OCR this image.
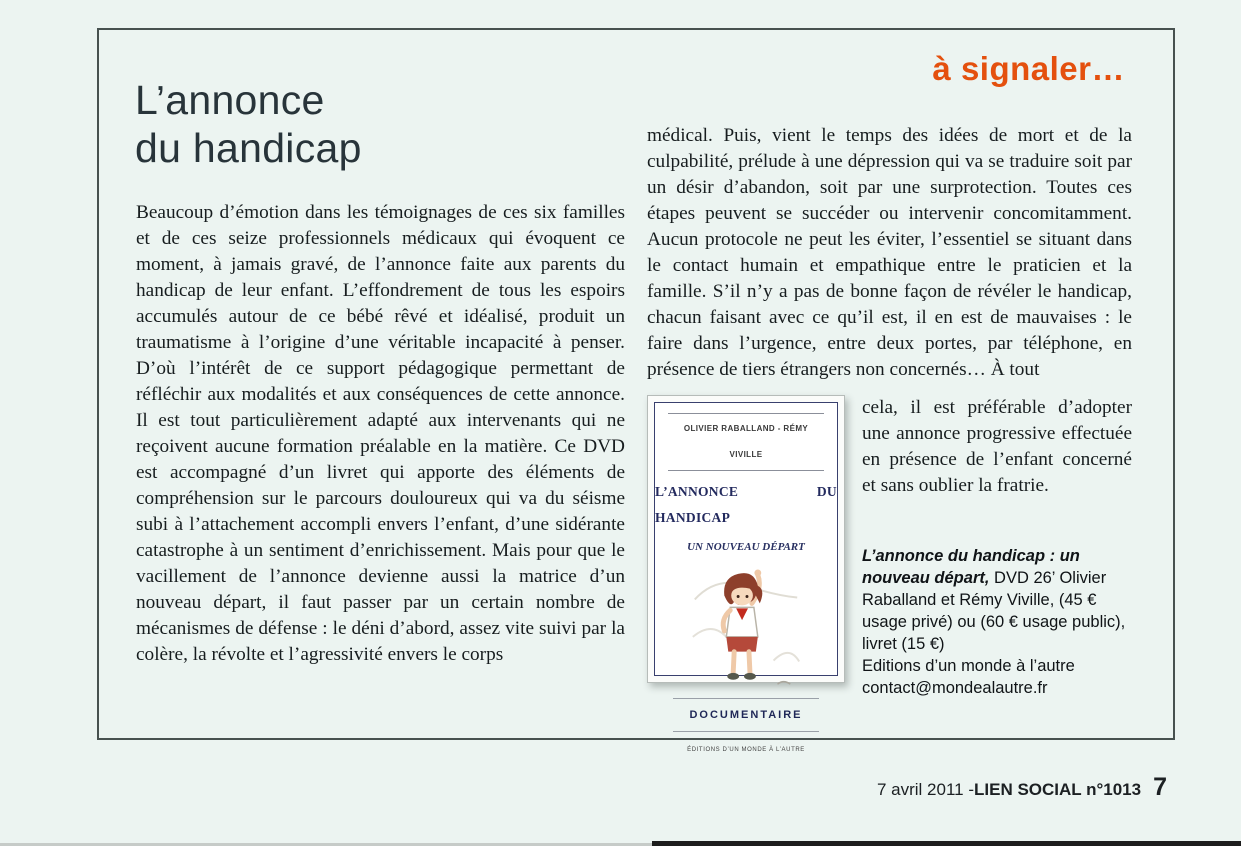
à signaler…
L’annonce
du handicap

Beaucoup d’émotion dans les témoignages de ces six familles et de ces seize professionnels médicaux qui évoquent ce moment, à jamais gravé, de l’annonce faite aux parents du handicap de leur enfant. L’effondrement de tous les espoirs accumulés autour de ce bébé rêvé et idéalisé, produit un traumatisme à l’origine d’une véritable incapacité à penser. D’où l’intérêt de ce support pédagogique permettant de réfléchir aux modalités et aux conséquences de cette annonce. Il est tout particulièrement adapté aux intervenants qui ne reçoivent aucune formation préalable en la matière. Ce DVD est accompagné d’un livret qui apporte des éléments de compréhension sur le parcours douloureux qui va du séisme subi à l’attachement accompli envers l’enfant, d’une sidérante catastrophe à un sentiment d’enrichissement. Mais pour que le vacillement de l’annonce devienne aussi la matrice d’un nouveau départ, il faut passer par un certain nombre de mécanismes de défense : le déni d’abord, assez vite suivi par la colère, la révolte et l’agressivité envers le corps

médical. Puis, vient le temps des idées de mort et de la culpabilité, prélude à une dépression qui va se traduire soit par un désir d’abandon, soit par une surprotection. Toutes ces étapes peuvent se succéder ou intervenir concomitamment. Aucun protocole ne peut les éviter, l’essentiel se situant dans le contact humain et empathique entre le praticien et la famille. S’il n’y a pas de bonne façon de révéler le handicap, chacun faisant avec ce qu’il est, il en est de mauvaises : le faire dans l’urgence, entre deux portes, par téléphone, en présence de tiers étrangers non concernés… À tout

OLIVIER RABALLAND - RÉMY VIVILLE
L’ANNONCE DU HANDICAP
UN NOUVEAU DÉPART
DOCUMENTAIRE
ÉDITIONS D’UN MONDE À L’AUTRE

cela, il est préférable d’adopter une annonce progressive effectuée en présence de l’enfant concerné et sans oublier la fratrie.

L’annonce du handicap : un nouveau départ, DVD 26’ Olivier Raballand et Rémy Viville, (45 € usage privé) ou (60 € usage public), livret (15 €)
Editions d’un monde à l’autre
contact@mondealautre.fr
7 avril 2011 - LIEN SOCIAL n°1013 7
